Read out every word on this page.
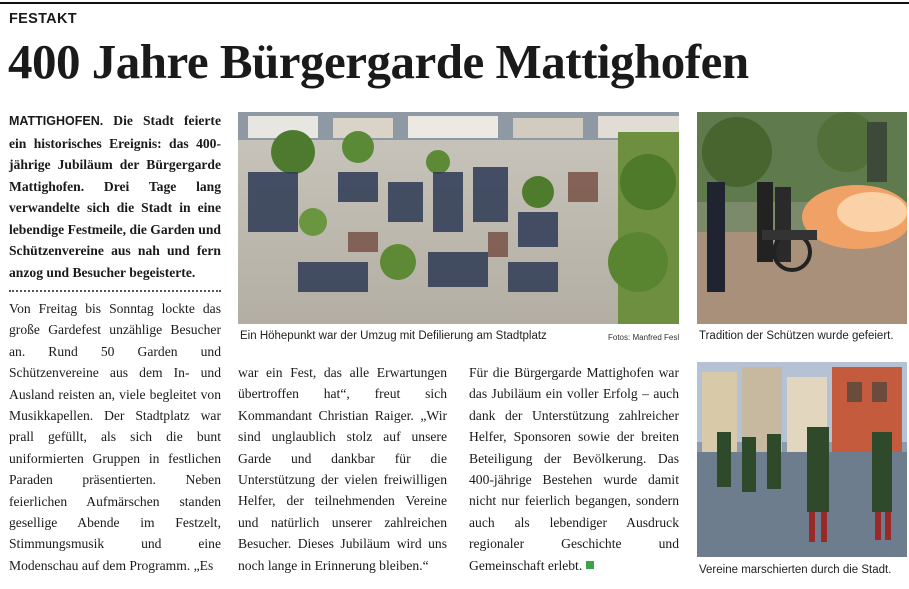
FESTAKT
400 Jahre Bürgergarde Mattighofen

MATTIGHOFEN. Die Stadt feierte ein historisches Ereignis: das 400-jährige Jubiläum der Bürgergarde Mattighofen. Drei Tage lang verwandelte sich die Stadt in eine lebendige Festmeile, die Garden und Schützenvereine aus nah und fern anzog und Besucher begeisterte.

Von Freitag bis Sonntag lockte das große Gardefest unzählige Besucher an. Rund 50 Garden und Schützenvereine aus dem In- und Ausland reisten an, viele begleitet von Musikkapellen. Der Stadtplatz war prall gefüllt, als sich die bunt uniformierten Gruppen in festlichen Paraden präsentierten. Neben feierlichen Aufmärschen standen gesellige Abende im Festzelt, Stimmungsmusik und eine Modenschau auf dem Programm. „Es

Ein Höhepunkt war der Umzug mit Defilierung am Stadtplatz	Fotos: Manfred Fesl Tradition der Schützen wurde gefeiert.
Vereine marschierten durch die Stadt.

war ein Fest, das alle Erwartungen übertroffen hat“, freut sich Kommandant Christian Raiger. „Wir sind unglaublich stolz auf unsere Garde und dankbar für die Unterstützung der vielen freiwilligen Helfer, der teilnehmenden Vereine und natürlich unserer zahlreichen Besucher. Dieses Jubiläum wird uns noch lange in Erinnerung bleiben.“

Für die Bürgergarde Mattighofen war das Jubiläum ein voller Erfolg – auch dank der Unterstützung zahlreicher Helfer, Sponsoren sowie der breiten Beteiligung der Bevölkerung. Das 400-jährige Bestehen wurde damit nicht nur feierlich begangen, sondern auch als lebendiger Ausdruck regionaler Geschichte und Gemeinschaft erlebt.
